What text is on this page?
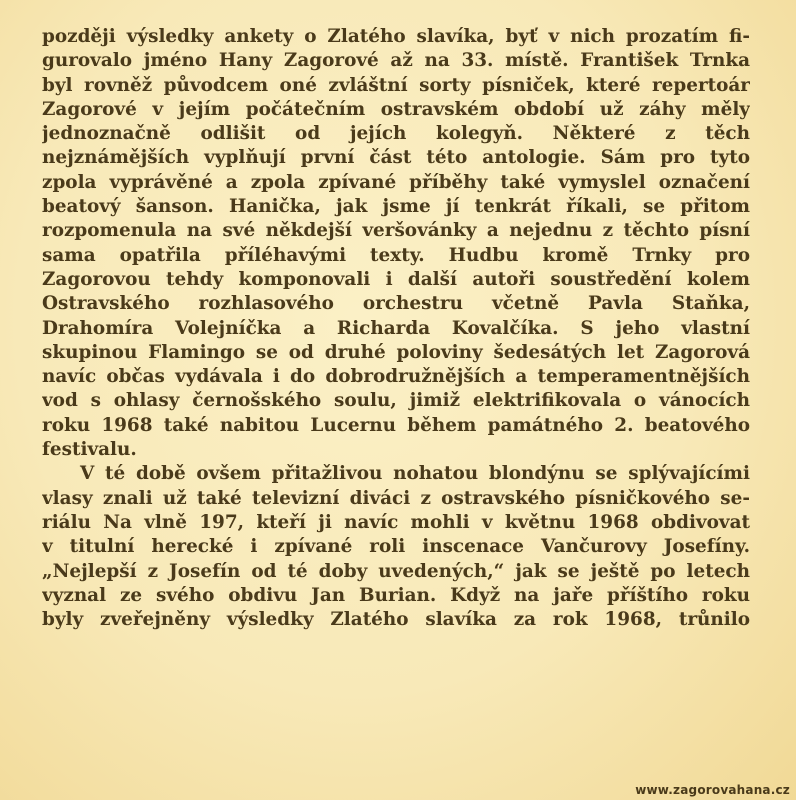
později výsledky ankety o Zlatého slavíka, byť v nich prozatím fi-
gurovalo jméno Hany Zagorové až na 33. místě. František Trnka
byl rovněž původcem oné zvláštní sorty písniček, které repertoár
Zagorové v jejím počátečním ostravském období už záhy měly
jednoznačně odlišit od jejích kolegyň. Některé z těch
nejznámějších vyplňují první část této antologie. Sám pro tyto
zpola vyprávěné a zpola zpívané příběhy také vymyslel označení
beatový šanson. Hanička, jak jsme jí tenkrát říkali, se přitom
rozpomenula na své někdejší veršovánky a nejednu z těchto písní
sama opatřila příléhavými texty. Hudbu kromě Trnky pro
Zagorovou tehdy komponovali i další autoři soustředění kolem
Ostravského rozhlasového orchestru včetně Pavla Staňka,
Drahomíra Volejníčka a Richarda Kovalčíka. S jeho vlastní
skupinou Flamingo se od druhé poloviny šedesátých let Zagorová
navíc občas vydávala i do dobrodružnějších a temperamentnějších
vod s ohlasy černošského soulu, jimiž elektrifikovala o vánocích
roku 1968 také nabitou Lucernu během památného 2. beatového
festivalu.
V té době ovšem přitažlivou nohatou blondýnu se splývajícími
vlasy znali už také televizní diváci z ostravského písničkového se-
riálu Na vlně 197, kteří ji navíc mohli v květnu 1968 obdivovat
v titulní herecké i zpívané roli inscenace Vančurovy Josefíny.
„Nejlepší z Josefín od té doby uvedených,“ jak se ještě po letech
vyznal ze svého obdivu Jan Burian. Když na jaře příštího roku
byly zveřejněny výsledky Zlatého slavíka za rok 1968, trůnilo
www.zagorovahana.cz
